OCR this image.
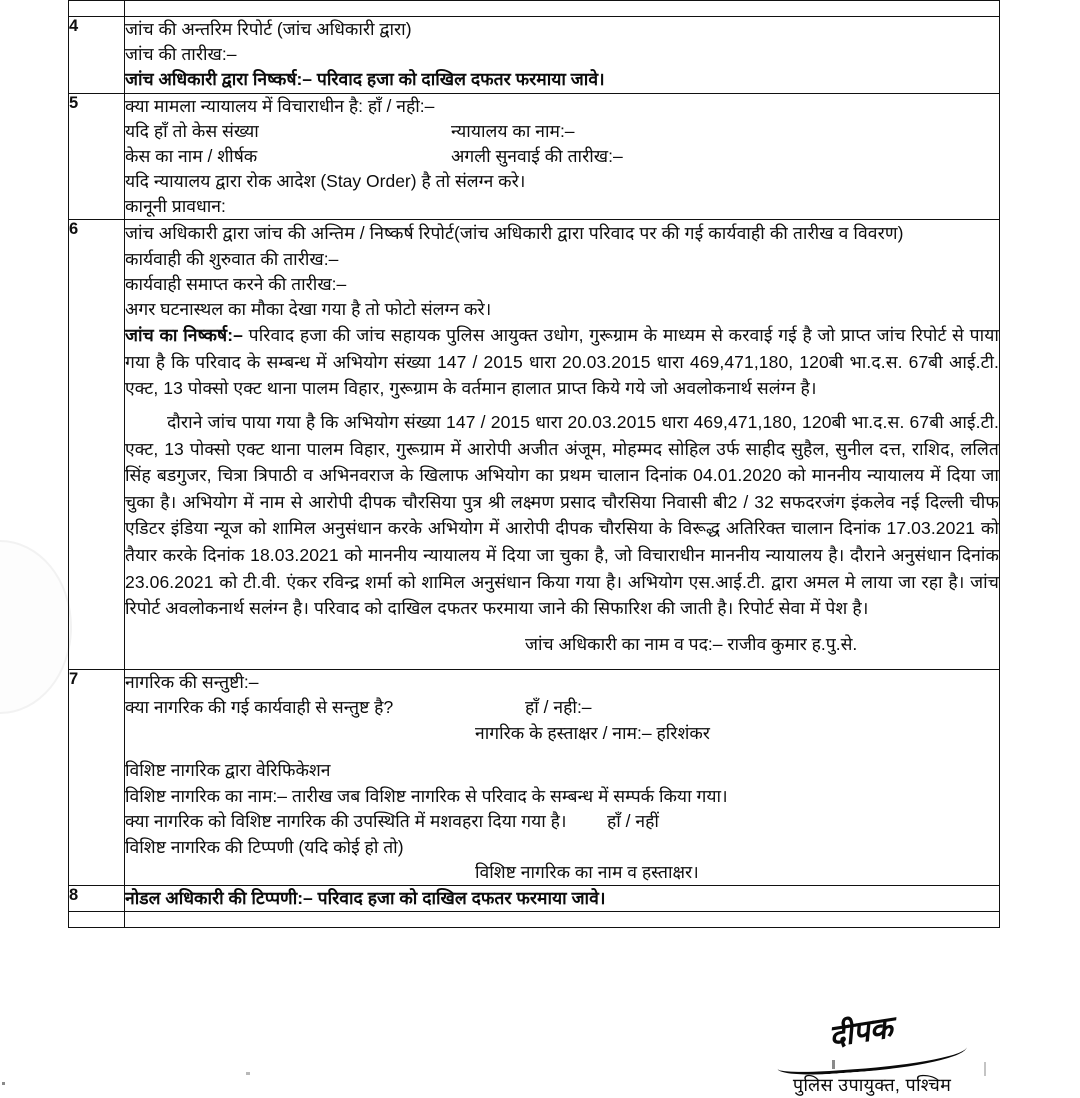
4	जांच की अन्तरिम रिपोर्ट (जांच अधिकारी द्वारा)
जांच की तारीख:–
जांच अधिकारी द्वारा निष्कर्ष:– परिवाद हजा को दाखिल दफतर फरमाया जावे।

5	क्या मामला न्यायालय में विचाराधीन है: हाँ / नही:–
यदि हाँ तो केस संख्या	न्यायालय का नाम:–
केस का नाम / शीर्षक	अगली सुनवाई की तारीख:–
यदि न्यायालय द्वारा रोक आदेश (Stay Order) है तो संलग्न करे।
कानूनी प्रावधान:

6	जांच अधिकारी द्वारा जांच की अन्तिम / निष्कर्ष रिपोर्ट(जांच अधिकारी द्वारा परिवाद पर की गई कार्यवाही की तारीख व विवरण)
कार्यवाही की शुरुवात की तारीख:–
कार्यवाही समाप्त करने की तारीख:–
अगर घटनास्थल का मौका देखा गया है तो फोटो संलग्न करे।
जांच का निष्कर्ष:– परिवाद हजा की जांच सहायक पुलिस आयुक्त उधोग, गुरूग्राम के माध्यम से करवाई गई है जो प्राप्त जांच रिपोर्ट से पाया गया है कि परिवाद के सम्बन्ध में अभियोग संख्या 147 / 2015 धारा 20.03.2015 धारा 469,471,180, 120बी भा.द.स. 67बी आई.टी. एक्ट, 13 पोक्सो एक्ट थाना पालम विहार, गुरूग्राम के वर्तमान हालात प्राप्त किये गये जो अवलोकनार्थ सलंग्न है।
दौराने जांच पाया गया है कि अभियोग संख्या 147 / 2015 धारा 20.03.2015 धारा 469,471,180, 120बी भा.द.स. 67बी आई.टी. एक्ट, 13 पोक्सो एक्ट थाना पालम विहार, गुरूग्राम में आरोपी अजीत अंजूम, मोहम्मद सोहिल उर्फ साहीद सुहैल, सुनील दत्त, राशिद, ललित सिंह बडगुजर, चित्रा त्रिपाठी व अभिनवराज के खिलाफ अभियोग का प्रथम चालान दिनांक 04.01.2020 को माननीय न्यायालय में दिया जा चुका है। अभियोग में नाम से आरोपी दीपक चौरसिया पुत्र श्री लक्ष्मण प्रसाद चौरसिया निवासी बी2 / 32 सफदरजंग इंकलेव नई दिल्ली चीफ एडिटर इंडिया न्यूज को शामिल अनुसंधान करके अभियोग में आरोपी दीपक चौरसिया के विरूद्ध अतिरिक्त चालान दिनांक 17.03.2021 को तैयार करके दिनांक 18.03.2021 को माननीय न्यायालय में दिया जा चुका है, जो विचाराधीन माननीय न्यायालय है। दौराने अनुसंधान दिनांक 23.06.2021 को टी.वी. एंकर रविन्द्र शर्मा को शामिल अनुसंधान किया गया है। अभियोग एस.आई.टी. द्वारा अमल मे लाया जा रहा है। जांच रिपोर्ट अवलोकनार्थ सलंग्न है। परिवाद को दाखिल दफतर फरमाया जाने की सिफारिश की जाती है। रिपोर्ट सेवा में पेश है।
जांच अधिकारी का नाम व पद:– राजीव कुमार ह.पु.से.

7	नागरिक की सन्तुष्टी:–
क्या नागरिक की गई कार्यवाही से सन्तुष्ट है?	हाँ / नही:–
नागरिक के हस्ताक्षर / नाम:– हरिशंकर
विशिष्ट नागरिक द्वारा वेरिफिकेशन
विशिष्ट नागरिक का नाम:– तारीख जब विशिष्ट नागरिक से परिवाद के सम्बन्ध में सम्पर्क किया गया।
क्या नागरिक को विशिष्ट नागरिक की उपस्थिति में मशवहरा दिया गया है। हाँ / नहीं
विशिष्ट नागरिक की टिप्पणी (यदि कोई हो तो)
विशिष्ट नागरिक का नाम व हस्ताक्षर।

8	नोडल अधिकारी की टिप्पणी:– परिवाद हजा को दाखिल दफतर फरमाया जावे।

दीपक
पुलिस उपायुक्त, पश्चिम
